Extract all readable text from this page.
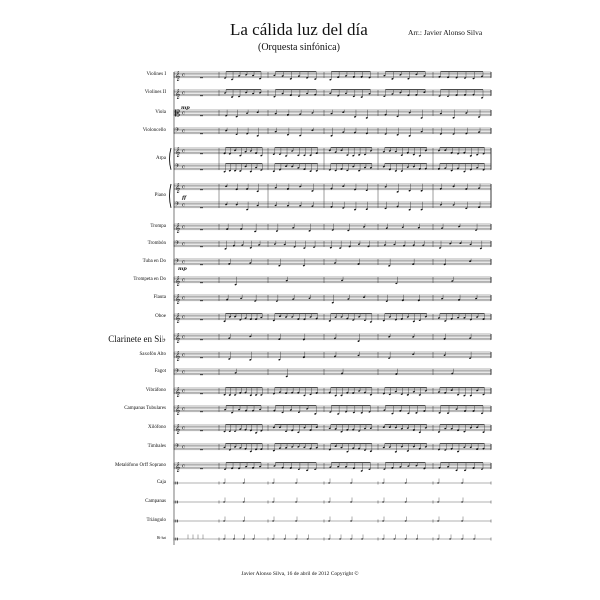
La cálida luz del día
(Orquesta sinfónica)
Arr.: Javier Alonso Silva
Violines I
Violines II
Viola
Violoncello
Arpa
Piano
Trompa
Trombón
Tuba en Do
Trompeta en Do
Flauta
Oboe
Clarinete en Si♭
Saxofón Alto
Fagot
Vibráfono
Campanas Tubulares
Xilófono
Timbales
Metalófono Orff Soprano
Caja
Campanas
Triángulo
Hi-hat
𝄞 c
𝄞 c
𝄡 c
𝄢 c
𝄞 c
𝄢 c
𝄞 c
𝄢 c
𝄞 c
𝄢 c
𝄢 c
𝄞 c
𝄞 c
𝄞 c
𝄞 c
𝄞 c
𝄢 c
𝄞 c
𝄞 c
𝄞 c
𝄢 c
𝄞 c
mp
ff
mp
Javier Alonso Silva, 16 de abril de 2012 Copyright ©
